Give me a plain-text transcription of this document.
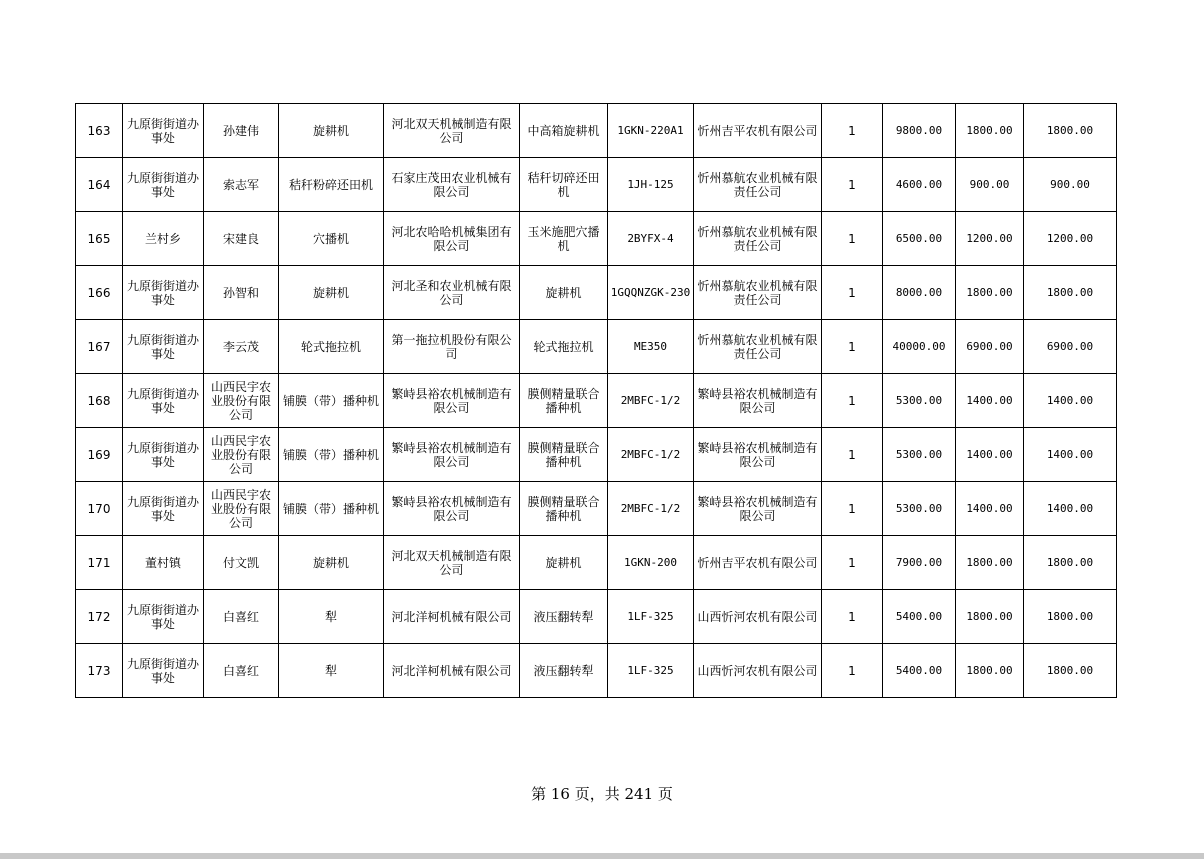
163	九原街街道办事处	孙建伟	旋耕机	河北双天机械制造有限公司	中高箱旋耕机	1GKN-220A1	忻州吉平农机有限公司	1	9800.00	1800.00	1800.00
164	九原街街道办事处	索志军	秸秆粉碎还田机	石家庄茂田农业机械有限公司	秸秆切碎还田机	1JH-125	忻州慕航农业机械有限责任公司	1	4600.00	900.00	900.00
165	兰村乡	宋建良	穴播机	河北农哈哈机械集团有限公司	玉米施肥穴播机	2BYFX-4	忻州慕航农业机械有限责任公司	1	6500.00	1200.00	1200.00
166	九原街街道办事处	孙智和	旋耕机	河北圣和农业机械有限公司	旋耕机	1GQQNZGK-230	忻州慕航农业机械有限责任公司	1	8000.00	1800.00	1800.00
167	九原街街道办事处	李云茂	轮式拖拉机	第一拖拉机股份有限公司	轮式拖拉机	ME350	忻州慕航农业机械有限责任公司	1	40000.00	6900.00	6900.00
168	九原街街道办事处	山西民宇农业股份有限公司	铺膜（带）播种机	繁峙县裕农机械制造有限公司	膜侧精量联合播种机	2MBFC-1/2	繁峙县裕农机械制造有限公司	1	5300.00	1400.00	1400.00
169	九原街街道办事处	山西民宇农业股份有限公司	铺膜（带）播种机	繁峙县裕农机械制造有限公司	膜侧精量联合播种机	2MBFC-1/2	繁峙县裕农机械制造有限公司	1	5300.00	1400.00	1400.00
170	九原街街道办事处	山西民宇农业股份有限公司	铺膜（带）播种机	繁峙县裕农机械制造有限公司	膜侧精量联合播种机	2MBFC-1/2	繁峙县裕农机械制造有限公司	1	5300.00	1400.00	1400.00
171	董村镇	付文凯	旋耕机	河北双天机械制造有限公司	旋耕机	1GKN-200	忻州吉平农机有限公司	1	7900.00	1800.00	1800.00
172	九原街街道办事处	白喜红	犁	河北洋柯机械有限公司	液压翻转犁	1LF-325	山西忻河农机有限公司	1	5400.00	1800.00	1800.00
173	九原街街道办事处	白喜红	犁	河北洋柯机械有限公司	液压翻转犁	1LF-325	山西忻河农机有限公司	1	5400.00	1800.00	1800.00
第 16 页，共 241 页
